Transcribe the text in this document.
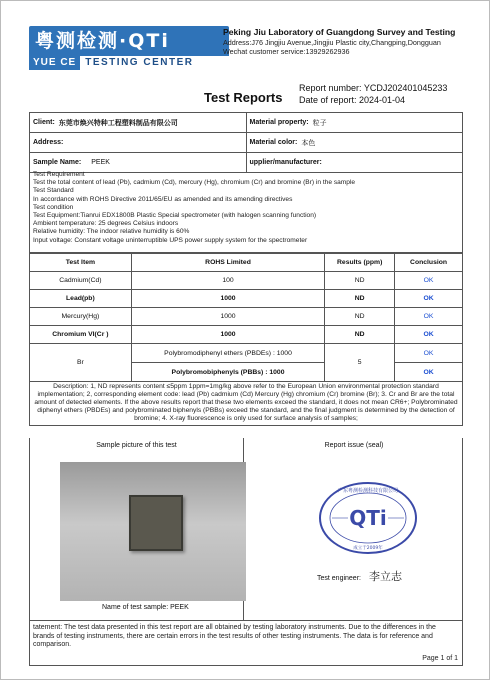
粤测检测·QTi
YUE CE TESTING CENTER
Peking Jiu Laboratory of Guangdong Survey and Testing
Address:J76 Jingjiu Avenue,Jingjiu Plastic city,Changping,Dongguan
Wechat customer service:13929262936
Test Reports
Report number: YCDJ202401045233
Date of report: 2024-01-04
Client: 东莞市焕兴特种工程塑料制品有限公司	Material property: 粒子
Address:	Material color: 本色
Sample Name: PEEK	upplier/manufacturer:
Test Requirement
Test the total content of lead (Pb), cadmium (Cd), mercury (Hg), chromium (Cr) and bromine (Br) in the sample
Test Standard
In accordance with ROHS Directive 2011/65/EU as amended and its amending directives
Test condition
Test Equipment:Tianrui EDX1800B Plastic Special spectrometer (with halogen scanning function)
Ambient temperature: 25 degrees Celsius indoors
Relative humidity: The indoor relative humidity is 60%
Input voltage: Constant voltage uninterruptible UPS power supply system for the spectrometer
Test Item	ROHS Limited	Results (ppm)	Conclusion
Cadmium(Cd)	100	ND	OK
Lead(pb)	1000	ND	OK
Mercury(Hg)	1000	ND	OK
Chromium VI(Cr )	1000	ND	OK
Br	Polybromodiphenyl ethers (PBDEs) : 1000	5	OK
	Polybromobiphenyls (PBBs) : 1000		OK
Description: 1, ND represents content ≤5ppm 1ppm=1mg/kg above refer to the European Union environmental protection standard implementation; 2, corresponding element code: lead (Pb) cadmium (Cd) Mercury (Hg) chromium (Cr) bromine (Br); 3. Cr and Br are the total amount of detected elements. If the above results report that these two elements exceed the standard, it does not mean CR6+; Polybrominated diphenyl ethers (PBDEs) and polybrominated biphenyls (PBBs) exceed the standard, and the final judgment is determined by the detection of bromine; 4. X-ray fluorescence is only used for surface analysis of samples;
Sample picture of this test	Report issue (seal)
Name of test sample: PEEK
QTi
广东粤测检测科技有限公司
成立于2009年
Test engineer: 李立志
tatement: The test data presented in this test report are all obtained by testing laboratory instruments. Due to the differences in the brands of testing instruments, there are certain errors in the test results of other testing instruments. The data is for reference and comparison.
Page 1 of 1
